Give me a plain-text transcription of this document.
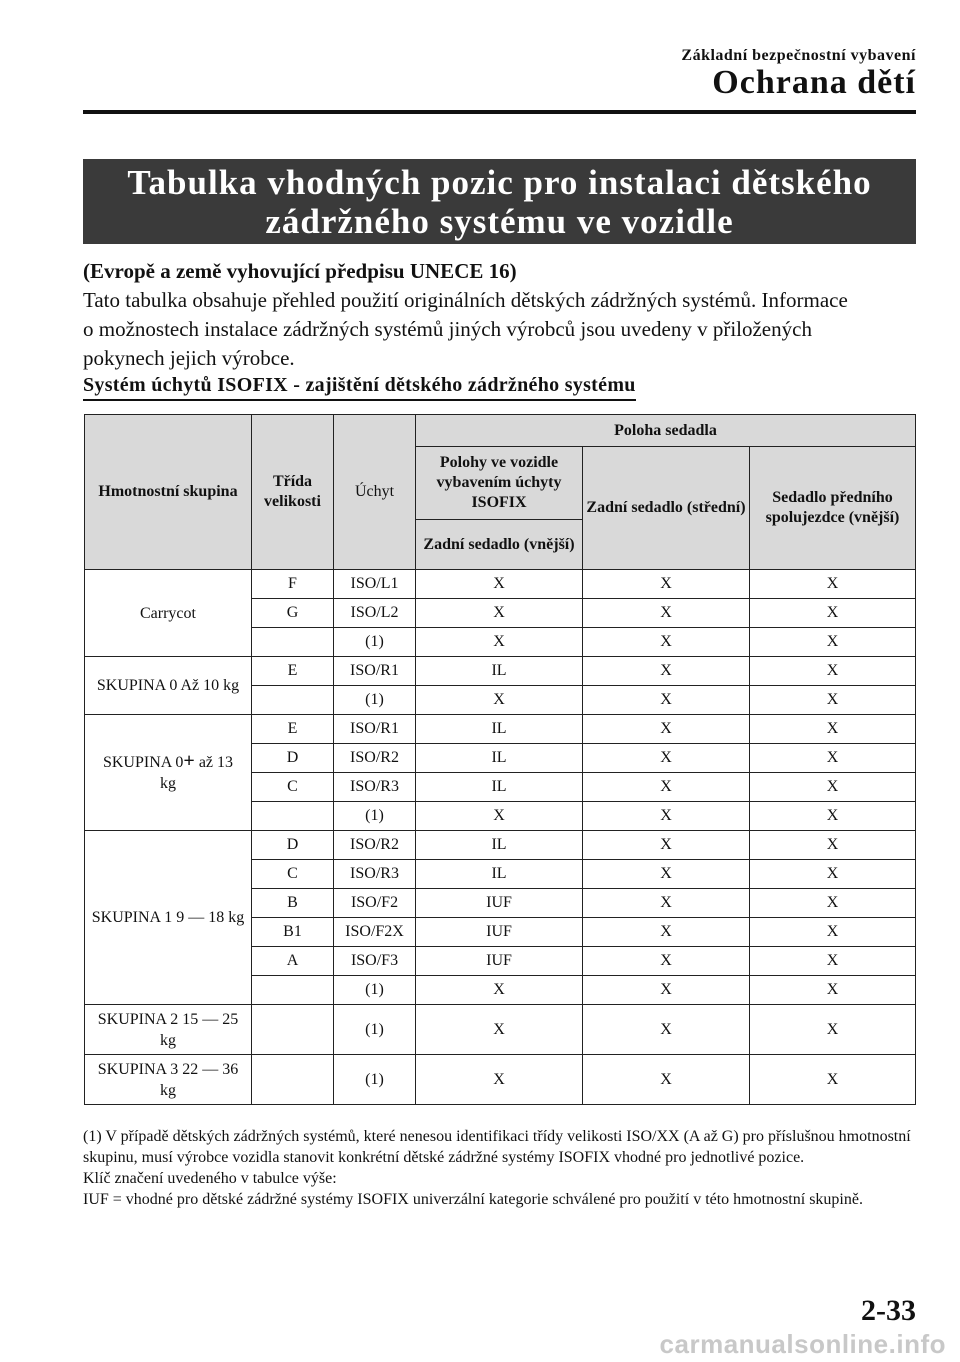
Základní bezpečnostní vybavení
Ochrana dětí
Tabulka vhodných pozic pro instalaci dětského
zádržného systému ve vozidle
(Evropě a země vyhovující předpisu UNECE 16)
Tato tabulka obsahuje přehled použití originálních dětských zádržných systémů. Informace
o možnostech instalace zádržných systémů jiných výrobců jsou uvedeny v přiložených
pokynech jejich výrobce.
Systém úchytů ISOFIX - zajištění dětského zádržného systému
Hmotnostní skupina	Třída velikosti	Úchyt	Poloha sedadla		
			Polohy ve vozidle vybavením úchyty ISOFIX	Zadní sedadlo (střední)	Sedadlo předního spolujezdce (vnější)
			Zadní sedadlo (vnější)		
Carrycot	F	ISO/L1	X	X	X
	G	ISO/L2	X	X	X
		(1)	X	X	X
SKUPINA 0 Až 10 kg	E	ISO/R1	IL	X	X
		(1)	X	X	X
SKUPINA 0+ až 13
kg	E	ISO/R1	IL	X	X
	D	ISO/R2	IL	X	X
	C	ISO/R3	IL	X	X
		(1)	X	X	X
SKUPINA 1 9 ― 18 kg	D	ISO/R2	IL	X	X
	C	ISO/R3	IL	X	X
	B	ISO/F2	IUF	X	X
	B1	ISO/F2X	IUF	X	X
	A	ISO/F3	IUF	X	X
		(1)	X	X	X
SKUPINA 2 15 ― 25 kg		(1)	X	X	X
SKUPINA 3 22 ― 36 kg		(1)	X	X	X
(1) V případě dětských zádržných systémů, které nenesou identifikaci třídy velikosti ISO/XX (A až G) pro příslušnou hmotnostní skupinu, musí výrobce vozidla stanovit konkrétní dětské zádržné systémy ISOFIX vhodné pro jednotlivé pozice.
Klíč značení uvedeného v tabulce výše:
IUF = vhodné pro dětské zádržné systémy ISOFIX univerzální kategorie schválené pro použití v této hmotnostní skupině.
2-33
carmanualsonline.info
